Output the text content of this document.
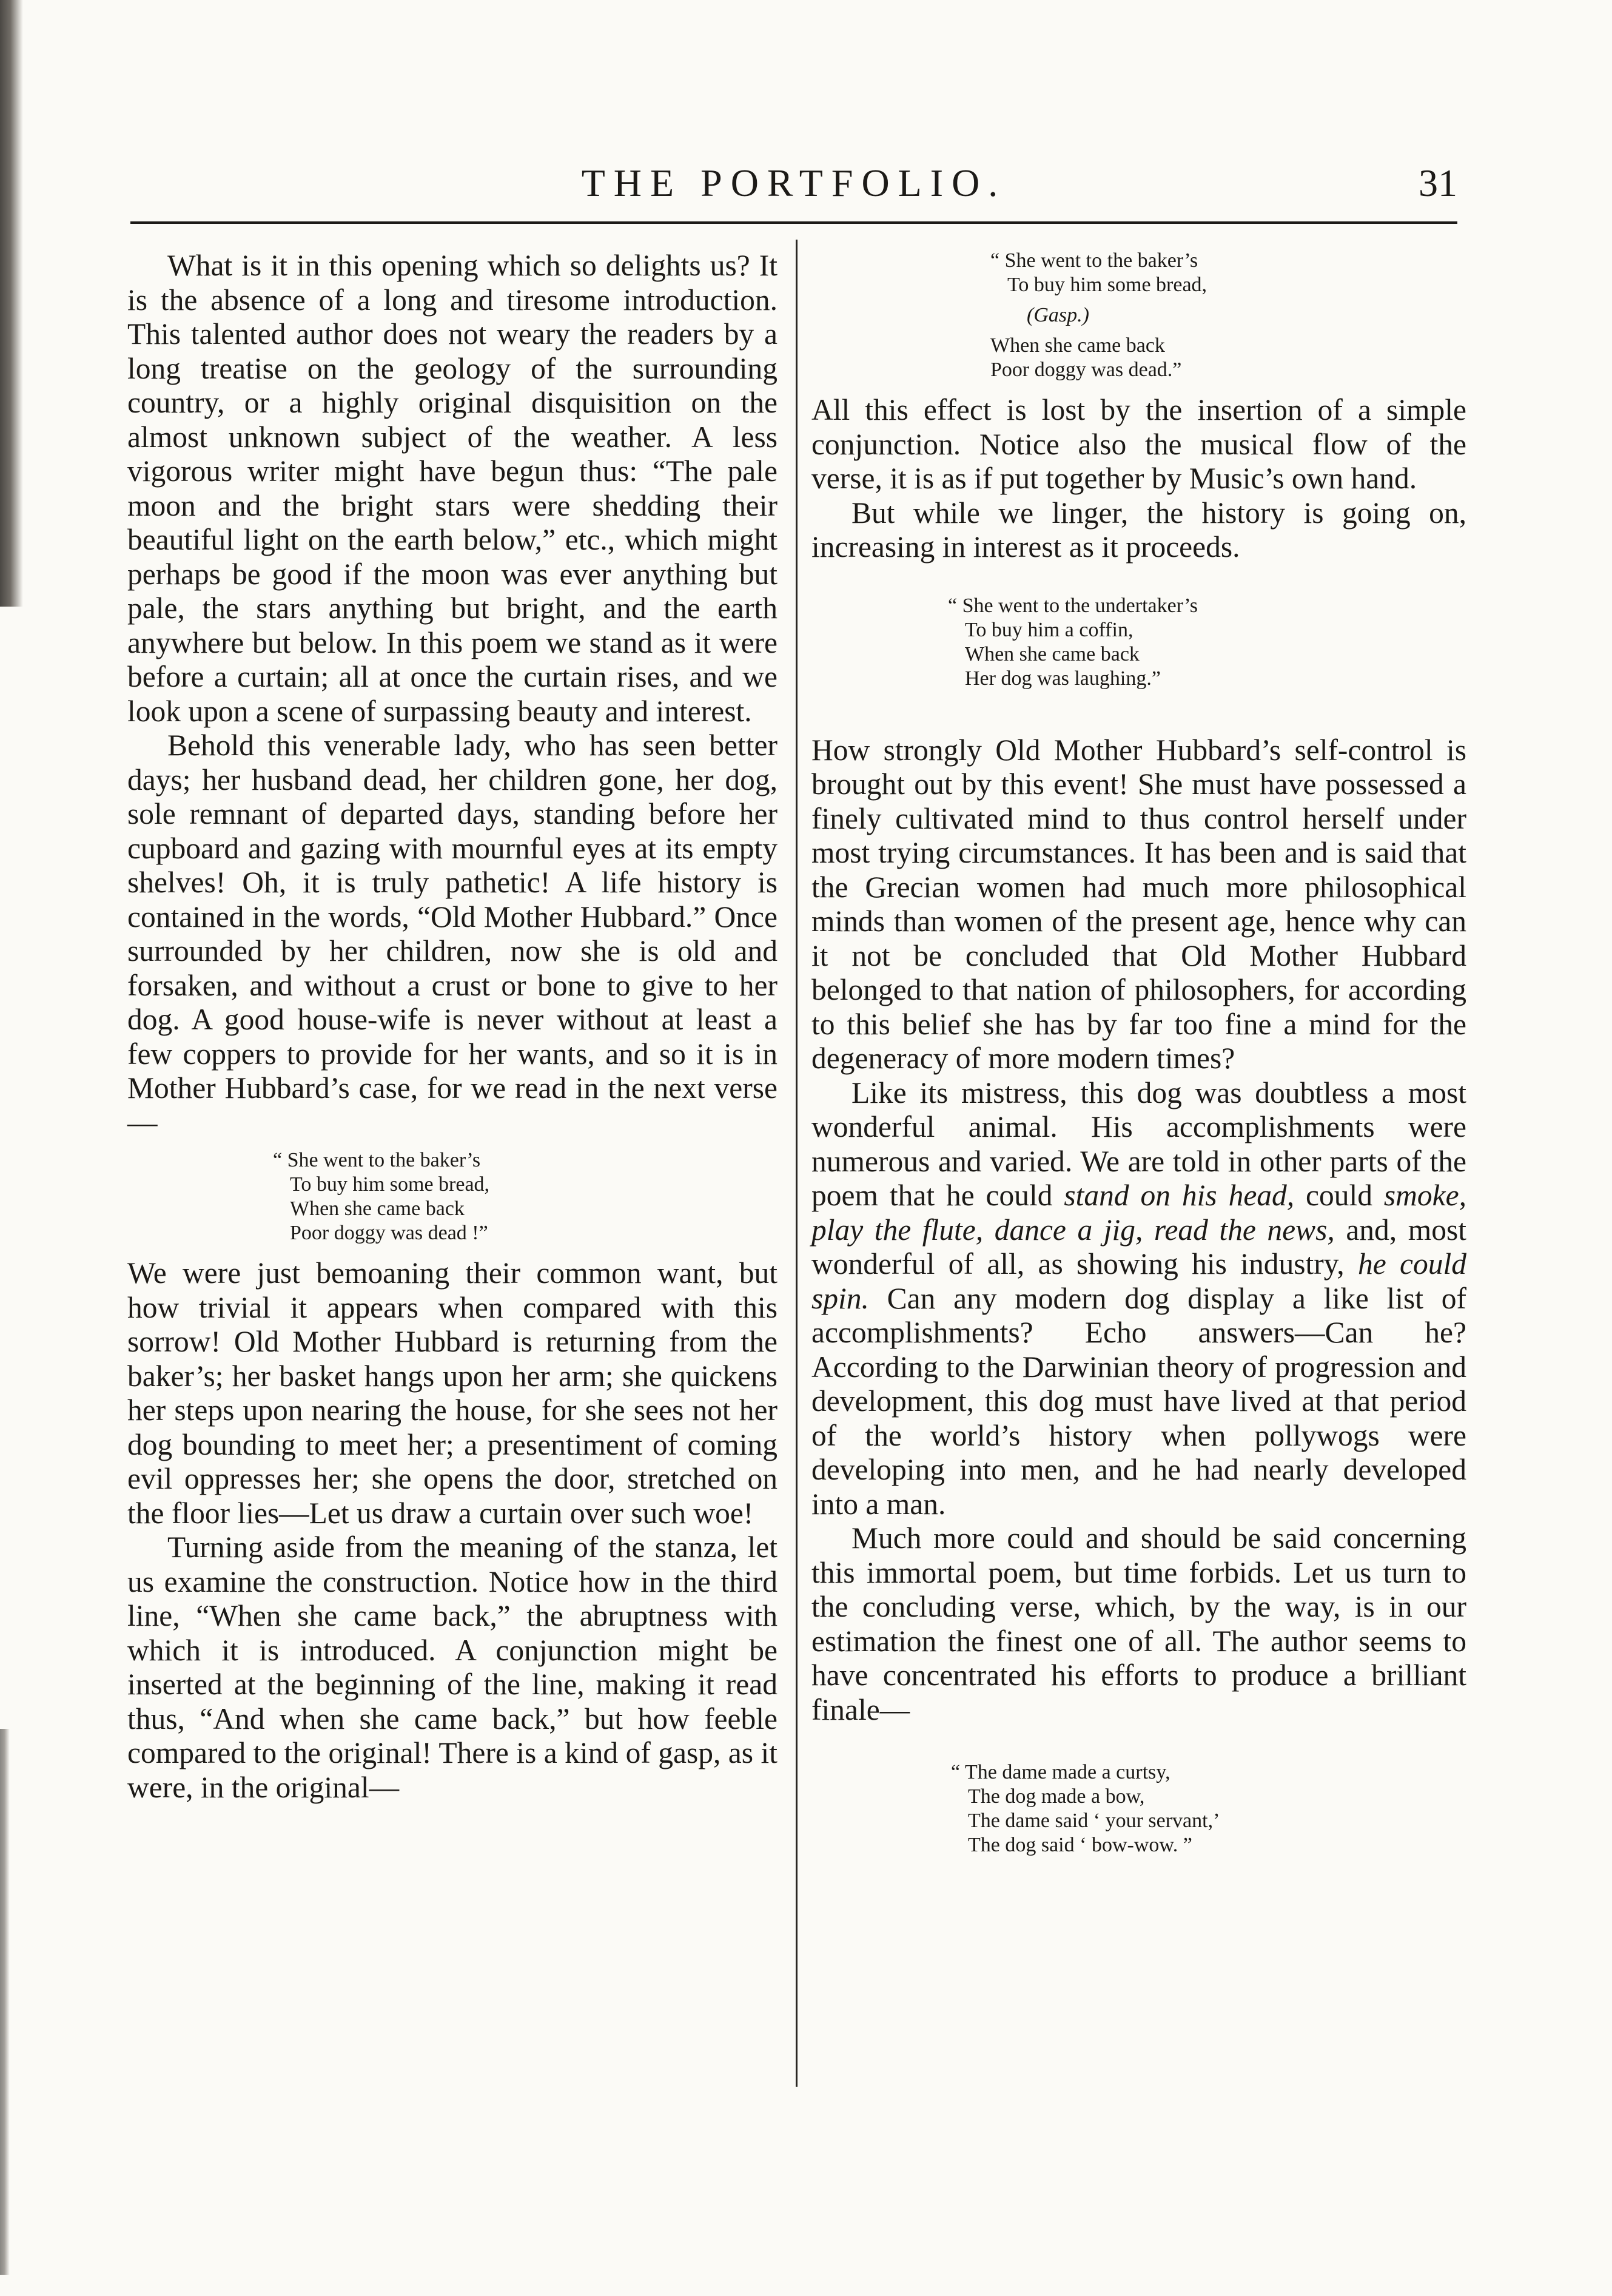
THE PORTFOLIO.	31

What is it in this opening which so delights us? It is the absence of a long and tiresome introduction. This talented author does not weary the readers by a long treatise on the geology of the surrounding country, or a highly original disquisition on the almost unknown subject of the weather. A less vigorous writer might have begun thus: “The pale moon and the bright stars were shedding their beautiful light on the earth below,” etc., which might perhaps be good if the moon was ever anything but pale, the stars anything but bright, and the earth anywhere but below. In this poem we stand as it were before a curtain; all at once the curtain rises, and we look upon a scene of surpassing beauty and interest.

Behold this venerable lady, who has seen better days; her husband dead, her children gone, her dog, sole remnant of departed days, standing before her cupboard and gazing with mournful eyes at its empty shelves! Oh, it is truly pathetic! A life history is contained in the words, “Old Mother Hubbard.” Once surrounded by her children, now she is old and forsaken, and without a crust or bone to give to her dog. A good house-wife is never without at least a few coppers to provide for her wants, and so it is in Mother Hubbard’s case, for we read in the next verse—

“ She went to the baker’s
To buy him some bread,
When she came back
Poor doggy was dead !”

We were just bemoaning their common want, but how trivial it appears when compared with this sorrow! Old Mother Hubbard is returning from the baker’s; her basket hangs upon her arm; she quickens her steps upon nearing the house, for she sees not her dog bounding to meet her; a presentiment of coming evil oppresses her; she opens the door, stretched on the floor lies—Let us draw a curtain over such woe!

Turning aside from the meaning of the stanza, let us examine the construction. Notice how in the third line, “When she came back,” the abruptness with which it is introduced. A conjunction might be inserted at the beginning of the line, making it read thus, “And when she came back,” but how feeble compared to the original! There is a kind of gasp, as it were, in the original—

“ She went to the baker’s
To buy him some bread,
(Gasp.)
When she came back
Poor doggy was dead.”

All this effect is lost by the insertion of a simple conjunction. Notice also the musical flow of the verse, it is as if put together by Music’s own hand.

But while we linger, the history is going on, increasing in interest as it proceeds.

“ She went to the undertaker’s
To buy him a coffin,
When she came back
Her dog was laughing.”

How strongly Old Mother Hubbard’s self-control is brought out by this event! She must have possessed a finely cultivated mind to thus control herself under most trying circumstances. It has been and is said that the Grecian women had much more philosophical minds than women of the present age, hence why can it not be concluded that Old Mother Hubbard belonged to that nation of philosophers, for according to this belief she has by far too fine a mind for the degeneracy of more modern times?

Like its mistress, this dog was doubtless a most wonderful animal. His accomplishments were numerous and varied. We are told in other parts of the poem that he could stand on his head, could smoke, play the flute, dance a jig, read the news, and, most wonderful of all, as showing his industry, he could spin. Can any modern dog display a like list of accomplishments? Echo answers—Can he? According to the Darwinian theory of progression and development, this dog must have lived at that period of the world’s history when pollywogs were developing into men, and he had nearly developed into a man.

Much more could and should be said concerning this immortal poem, but time forbids. Let us turn to the concluding verse, which, by the way, is in our estimation the finest one of all. The author seems to have concentrated his efforts to produce a brilliant finale—

“ The dame made a curtsy,
The dog made a bow,
The dame said ‘ your servant,’
The dog said ‘ bow-wow. ”
